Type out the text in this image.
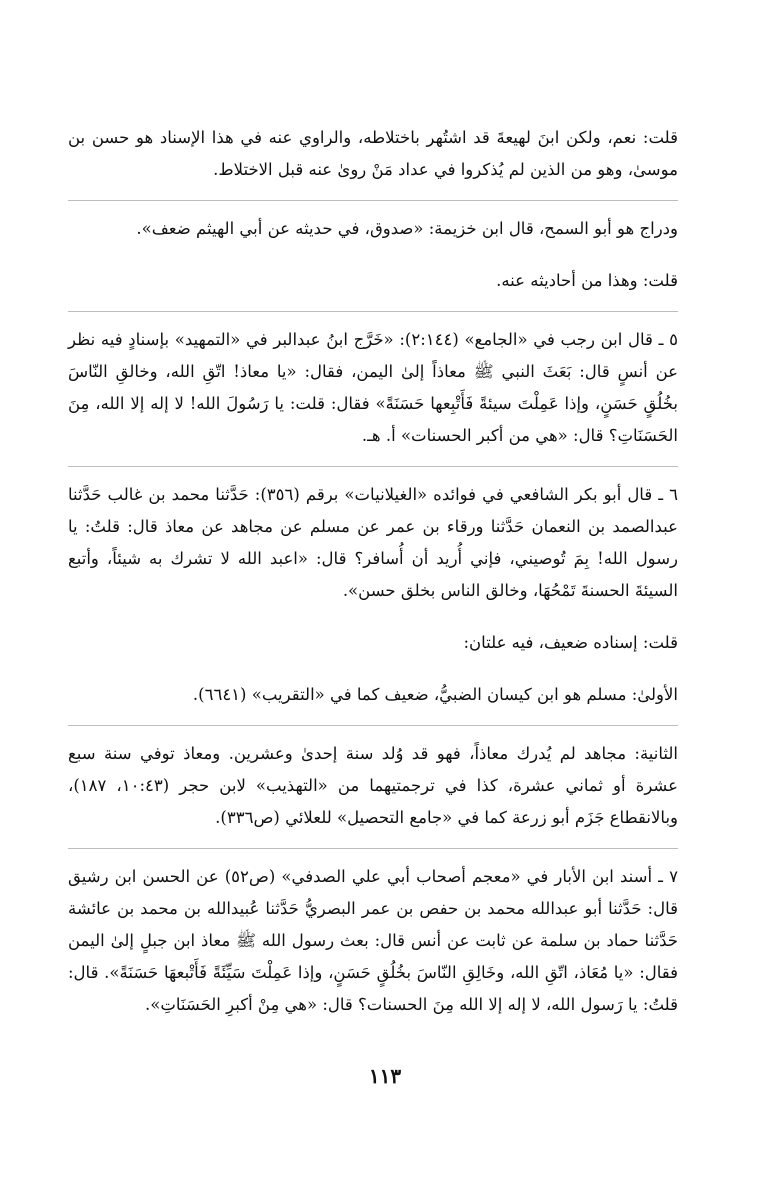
قلت: نعم، ولكن ابنَ لهيعةَ قد اشتُهر باختلاطه، والراوي عنه في هذا الإسناد هو حسن بن موسىٰ، وهو من الذين لم يُذكروا في عداد مَنْ روىٰ عنه قبل الاختلاط.

ودراج هو أبو السمح، قال ابن خزيمة: «صدوق، في حديثه عن أبي الهيثم ضعف».

قلت: وهذا من أحاديثه عنه.

٥ ـ قال ابن رجب في «الجامع» (٢:١٤٤): «خَرَّج ابنُ عبدالبر في «التمهيد» بإسنادٍ فيه نظر عن أنسٍ قال: بَعَثَ النبي ﷺ معاذاً إلىٰ اليمن، فقال: «يا معاذ! اتّقِ الله، وخالقِ النّاسَ بخُلُقٍ حَسَنٍ، وإذا عَمِلْتَ سيئةً فَأَتْبِعها حَسَنَةً» فقال: قلت: يا رَسُولَ الله! لا إله إلا الله، مِنَ الحَسَنَاتِ؟ قال: «هي من أكبر الحسنات» أ. هـ.

٦ ـ قال أبو بكر الشافعي في فوائده «الغيلانيات» برقم (٣٥٦): حَدَّثنا محمد بن غالب حَدَّثنا عبدالصمد بن النعمان حَدَّثنا ورقاء بن عمر عن مسلم عن مجاهد عن معاذ قال: قلتُ: يا رسول الله! بِمَ تُوصيني، فإني أُريد أن أُسافر؟ قال: «اعبد الله لا تشرك به شيئاً، وأتبع السيئةَ الحسنةَ تَمْحُهَا، وخالق الناس بخلق حسن».

قلت: إسناده ضعيف، فيه علتان:

الأولىٰ: مسلم هو ابن كيسان الضبيُّ، ضعيف كما في «التقريب» (٦٦٤١).

الثانية: مجاهد لم يُدرك معاذاً، فهو قد وُلد سنة إحدىٰ وعشرين. ومعاذ توفي سنة سبع عشرة أو ثماني عشرة، كذا في ترجمتيهما من «التهذيب» لابن حجر (١٠:٤٣، ١٨٧)، وبالانقطاع جَزَم أبو زرعة كما في «جامع التحصيل» للعلائي (ص٣٣٦).

٧ ـ أسند ابن الأبار في «معجم أصحاب أبي علي الصدفي» (ص٥٢) عن الحسن ابن رشيق قال: حَدَّثنا أبو عبدالله محمد بن حفص بن عمر البصريُّ حَدَّثنا عُبيدالله بن محمد بن عائشة حَدَّثنا حماد بن سلمة عن ثابت عن أنس قال: بعث رسول الله ﷺ معاذ ابن جبلٍ إلىٰ اليمن فقال: «يا مُعَاذ، اتّقِ الله، وخَالِقِ النّاسَ بخُلُقٍ حَسَنٍ، وإذا عَمِلْتَ سَيِّئَةً فَأَتْبعهَا حَسَنَةً». قال: قلتُ: يا رَسول الله، لا إله إلا الله مِنَ الحسنات؟ قال: «هي مِنْ أكبرِ الحَسَنَاتِ».

١١٣
